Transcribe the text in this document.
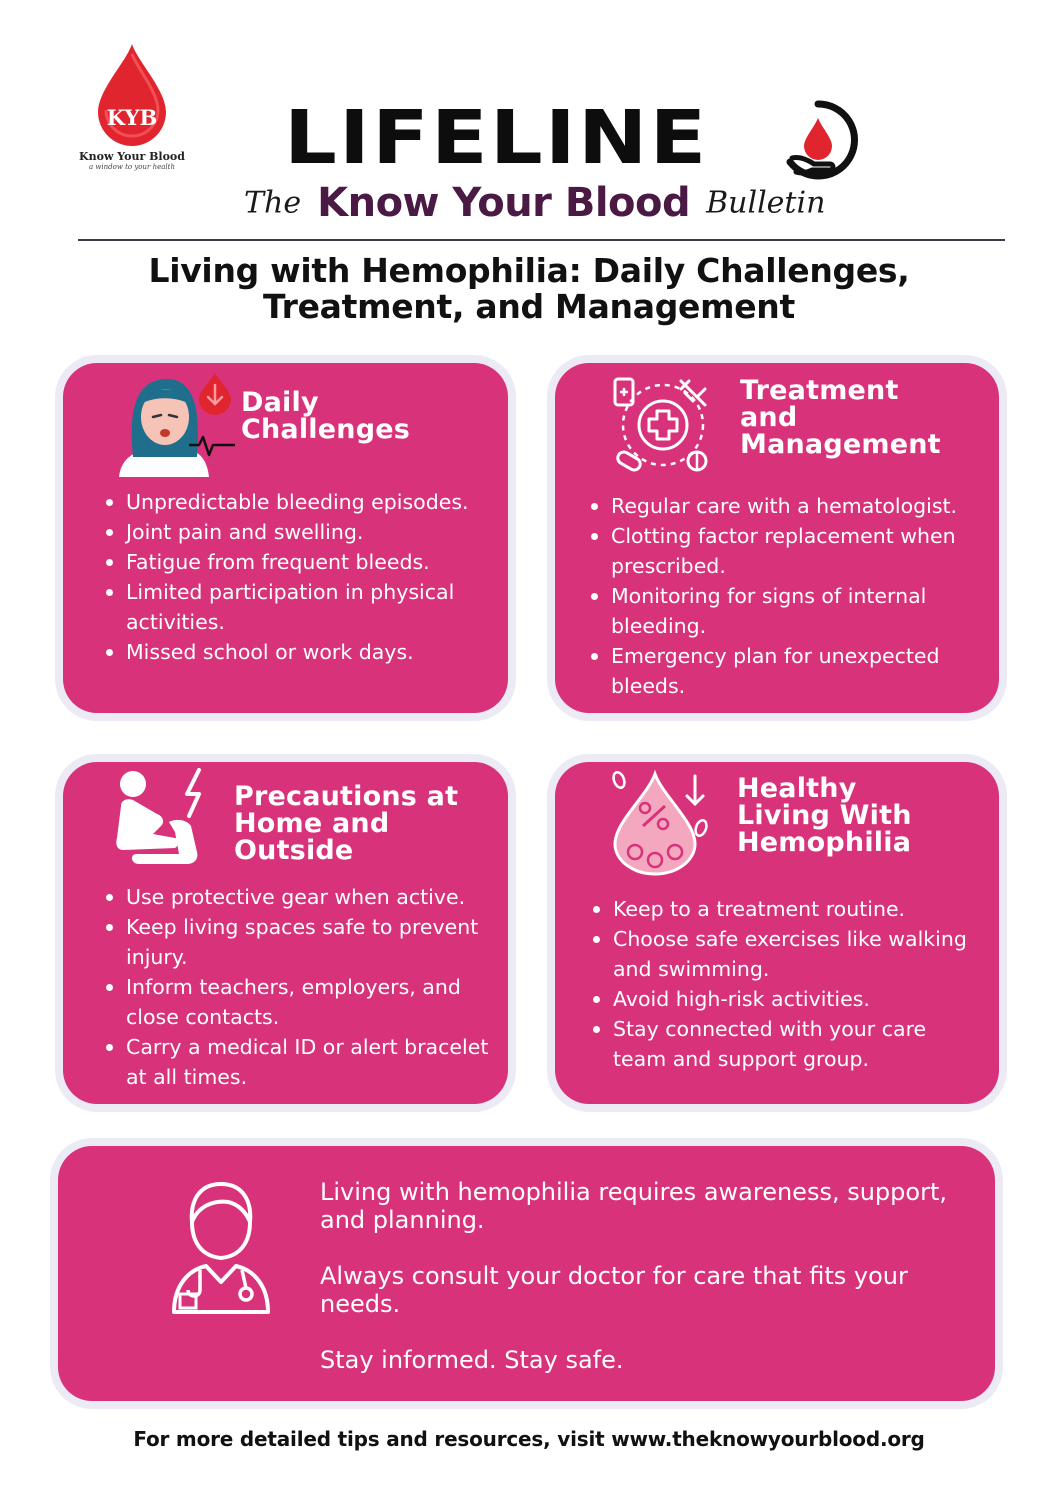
KYB
Know Your Blood
a window to your health LIFELINE
The Know Your Blood Bulletin
Living with Hemophilia: Daily Challenges,
Treatment, and Management
Daily
Challenges
Unpredictable bleeding episodes.
Joint pain and swelling.
Fatigue from frequent bleeds.
Limited participation in physical activities.
Missed school or work days.
Treatment
and
Management
Regular care with a hematologist.
Clotting factor replacement when prescribed.
Monitoring for signs of internal bleeding.
Emergency plan for unexpected bleeds.
Precautions at
Home and
Outside
Use protective gear when active.
Keep living spaces safe to prevent injury.
Inform teachers, employers, and close contacts.
Carry a medical ID or alert bracelet at all times.
Healthy
Living With
Hemophilia
Keep to a treatment routine.
Choose safe exercises like walking and swimming.
Avoid high-risk activities.
Stay connected with your care team and support group.

Living with hemophilia requires awareness, support, and planning.

Always consult your doctor for care that fits your needs.

Stay informed. Stay safe.

For more detailed tips and resources, visit www.theknowyourblood.org
